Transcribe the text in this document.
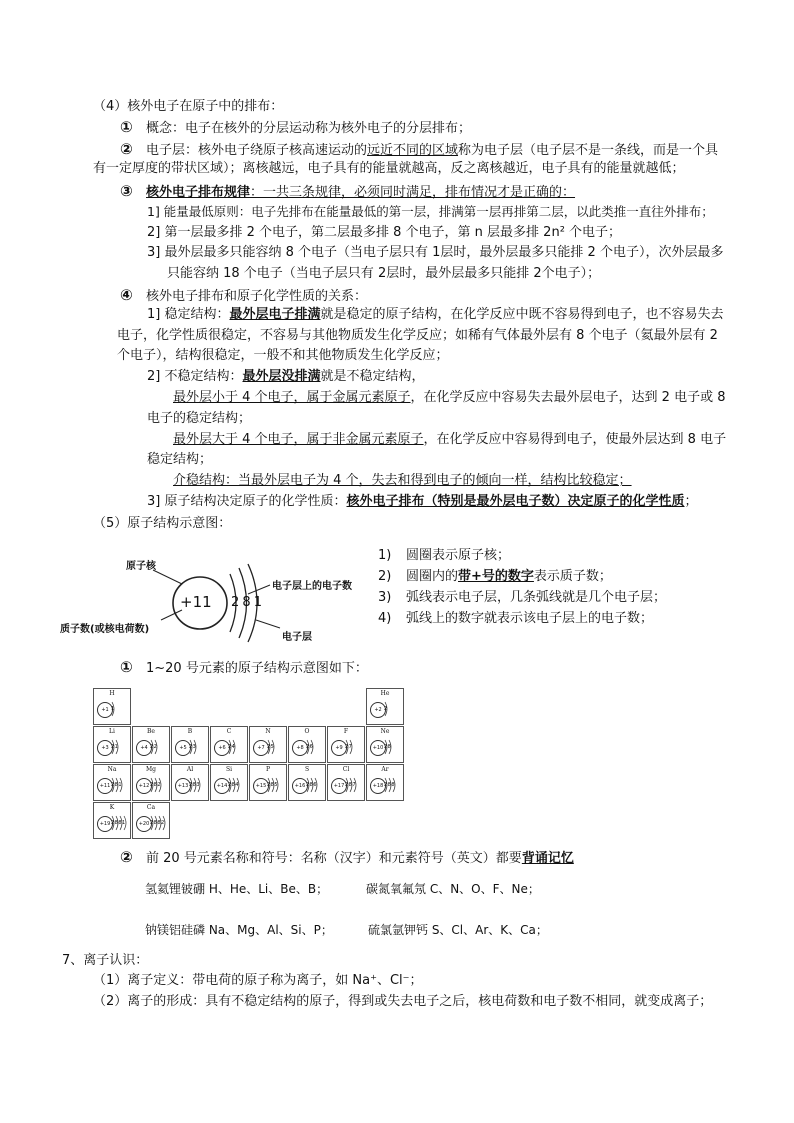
（4）核外电子在原子中的排布：
① 概念：电子在核外的分层运动称为核外电子的分层排布；
② 电子层：核外电子绕原子核高速运动的远近不同的区域称为电子层（电子层不是一条线，而是一个具
有一定厚度的带状区域）；离核越远，电子具有的能量就越高，反之离核越近，电子具有的能量就越低；
③ 核外电子排布规律：一共三条规律，必须同时满足，排布情况才是正确的：
1] 能量最低原则：电子先排布在能量最低的第一层，排满第一层再排第二层，以此类推一直往外排布；
2] 第一层最多排 2 个电子，第二层最多排 8 个电子，第 n 层最多排 2n² 个电子；
3] 最外层最多只能容纳 8 个电子（当电子层只有 1层时，最外层最多只能排 2 个电子），次外层最多
只能容纳 18 个电子（当电子层只有 2层时，最外层最多只能排 2个电子）；
④ 核外电子排布和原子化学性质的关系：
1] 稳定结构：最外层电子排满就是稳定的原子结构，在化学反应中既不容易得到电子，也不容易失去
电子，化学性质很稳定，不容易与其他物质发生化学反应；如稀有气体最外层有 8 个电子（氦最外层有 2
个电子），结构很稳定，一般不和其他物质发生化学反应；
2] 不稳定结构：最外层没排满就是不稳定结构，
最外层小于 4 个电子，属于金属元素原子，在化学反应中容易失去最外层电子，达到 2 电子或 8
电子的稳定结构；
最外层大于 4 个电子，属于非金属元素原子，在化学反应中容易得到电子，使最外层达到 8 电子
稳定结构；
介稳结构：当最外层电子为 4 个，失去和得到电子的倾向一样，结构比较稳定；
3] 原子结构决定原子的化学性质：核外电子排布（特别是最外层电子数）决定原子的化学性质；
（5）原子结构示意图：
原子核
+11 2 8 1
电子层上的电子数
质子数(或核电荷数)
电子层
1) 圆圈表示原子核；
2) 圆圈内的带+号的数字表示质子数；
3) 弧线表示电子层，几条弧线就是几个电子层；
4) 弧线上的数字就表示该电子层上的电子数；
① 1~20 号元素的原子结构示意图如下：
H
+1 1
He
+2 2
Li
+3 21
Be
+4 22
B
+5 23
C
+6 24
N
+7 25
O
+8 26
F
+9 27
Ne
+10 28
Na
+11 281
Mg
+12 282
Al
+13 283
Si
+14 284
P
+15 285
S
+16 286
Cl
+17 287
Ar
+18 288
K
+19 2881
Ca
+20 2882
② 前 20 号元素名称和符号：名称（汉字）和元素符号（英文）都要背诵记忆
氢氦锂铍硼 H、He、Li、Be、B；	碳氮氧氟氖 C、N、O、F、Ne；
钠镁铝硅磷 Na、Mg、Al、Si、P；	硫氯氩钾钙 S、Cl、Ar、K、Ca；
7、离子认识：
（1）离子定义：带电荷的原子称为离子，如 Na⁺、Cl⁻；
（2）离子的形成：具有不稳定结构的原子，得到或失去电子之后，核电荷数和电子数不相同，就变成离子；
